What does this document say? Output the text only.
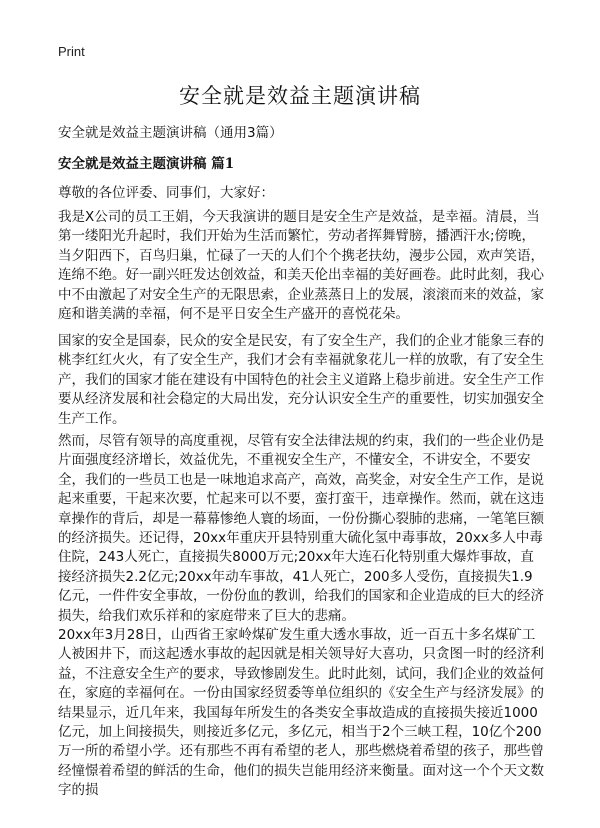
Print
安全就是效益主题演讲稿
安全就是效益主题演讲稿（通用3篇）
安全就是效益主题演讲稿 篇1
尊敬的各位评委、同事们，大家好：

我是X公司的员工王娟，今天我演讲的题目是安全生产是效益，是幸福。清晨，当第一缕阳光升起时，我们开始为生活而繁忙，劳动者挥舞臂膀，播洒汗水;傍晚，当夕阳西下，百鸟归巢，忙碌了一天的人们个个携老扶幼，漫步公园，欢声笑语，连绵不绝。好一副兴旺发达创效益，和美天伦出幸福的美好画卷。此时此刻，我心中不由激起了对安全生产的无限思索，企业蒸蒸日上的发展，滚滚而来的效益，家庭和谐美满的幸福，何不是平日安全生产盛开的喜悦花朵。

国家的安全是国泰，民众的安全是民安，有了安全生产，我们的企业才能象三春的桃李红红火火，有了安全生产，我们才会有幸福就象花儿一样的放歌，有了安全生产，我们的国家才能在建设有中国特色的社会主义道路上稳步前进。安全生产工作要从经济发展和社会稳定的大局出发，充分认识安全生产的重要性，切实加强安全生产工作。

然而，尽管有领导的高度重视，尽管有安全法律法规的约束，我们的一些企业仍是片面强度经济增长，效益优先，不重视安全生产，不懂安全，不讲安全，不要安全，我们的一些员工也是一味地追求高产，高效，高奖金，对安全生产工作，是说起来重要，干起来次要，忙起来可以不要，蛮打蛮干，违章操作。然而，就在这违章操作的背后，却是一幕幕惨绝人寰的场面，一份份撕心裂肺的悲痛，一笔笔巨额的经济损失。还记得，20xx年重庆开县特别重大硫化氢中毒事故，20xx多人中毒住院，243人死亡，直接损失8000万元;20xx年大连石化特别重大爆炸事故，直接经济损失2.2亿元;20xx年动车事故，41人死亡，200多人受伤，直接损失1.9亿元，一件件安全事故，一份份血的教训，给我们的国家和企业造成的巨大的经济损失，给我们欢乐祥和的家庭带来了巨大的悲痛。

20xx年3月28日，山西省王家岭煤矿发生重大透水事故，近一百五十多名煤矿工人被困井下，而这起透水事故的起因就是相关领导好大喜功，只贪图一时的经济利益，不注意安全生产的要求，导致惨剧发生。此时此刻，试问，我们企业的效益何在，家庭的幸福何在。一份由国家经贸委等单位组织的《安全生产与经济发展》的结果显示，近几年来，我国每年所发生的各类安全事故造成的直接损失接近1000亿元，加上间接损失，则接近多亿元，多亿元，相当于2个三峡工程，10亿个200万一所的希望小学。还有那些不再有希望的老人，那些燃烧着希望的孩子，那些曾经憧憬着希望的鲜活的生命，他们的损失岂能用经济来衡量。面对这一个个天文数字的损
